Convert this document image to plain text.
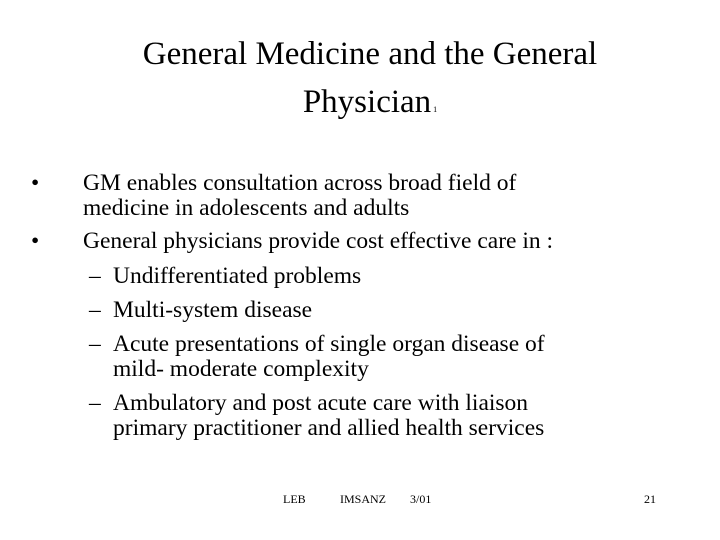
General Medicine and the General
Physician 1
• GM enables consultation across broad field of
medicine in adolescents and adults
• General physicians provide cost effective care in :
– Undifferentiated problems
– Multi-system disease
– Acute presentations of single organ disease of
mild- moderate complexity
– Ambulatory and post acute care with liaison
primary practitioner and allied health services
LEB	IMSANZ 3/01	21
